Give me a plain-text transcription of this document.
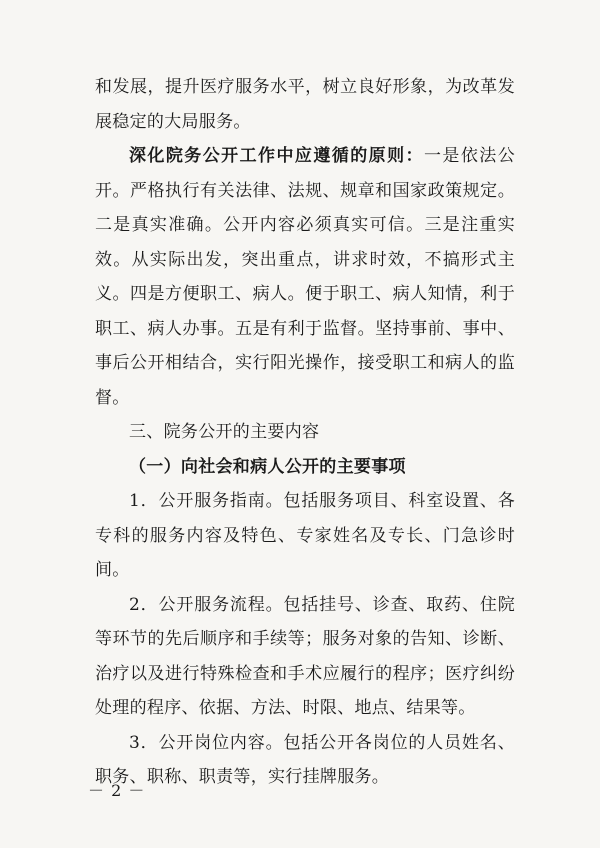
和发展，提升医疗服务水平，树立良好形象，为改革发展稳定的大局服务。

深化院务公开工作中应遵循的原则：一是依法公开。严格执行有关法律、法规、规章和国家政策规定。二是真实准确。公开内容必须真实可信。三是注重实效。从实际出发，突出重点，讲求时效，不搞形式主义。四是方便职工、病人。便于职工、病人知情，利于职工、病人办事。五是有利于监督。坚持事前、事中、事后公开相结合，实行阳光操作，接受职工和病人的监督。

三、院务公开的主要内容

（一）向社会和病人公开的主要事项

1．公开服务指南。包括服务项目、科室设置、各专科的服务内容及特色、专家姓名及专长、门急诊时间。

2．公开服务流程。包括挂号、诊查、取药、住院等环节的先后顺序和手续等；服务对象的告知、诊断、治疗以及进行特殊检查和手术应履行的程序；医疗纠纷处理的程序、依据、方法、时限、地点、结果等。

3．公开岗位内容。包括公开各岗位的人员姓名、职务、职称、职责等，实行挂牌服务。

－ 2 －
